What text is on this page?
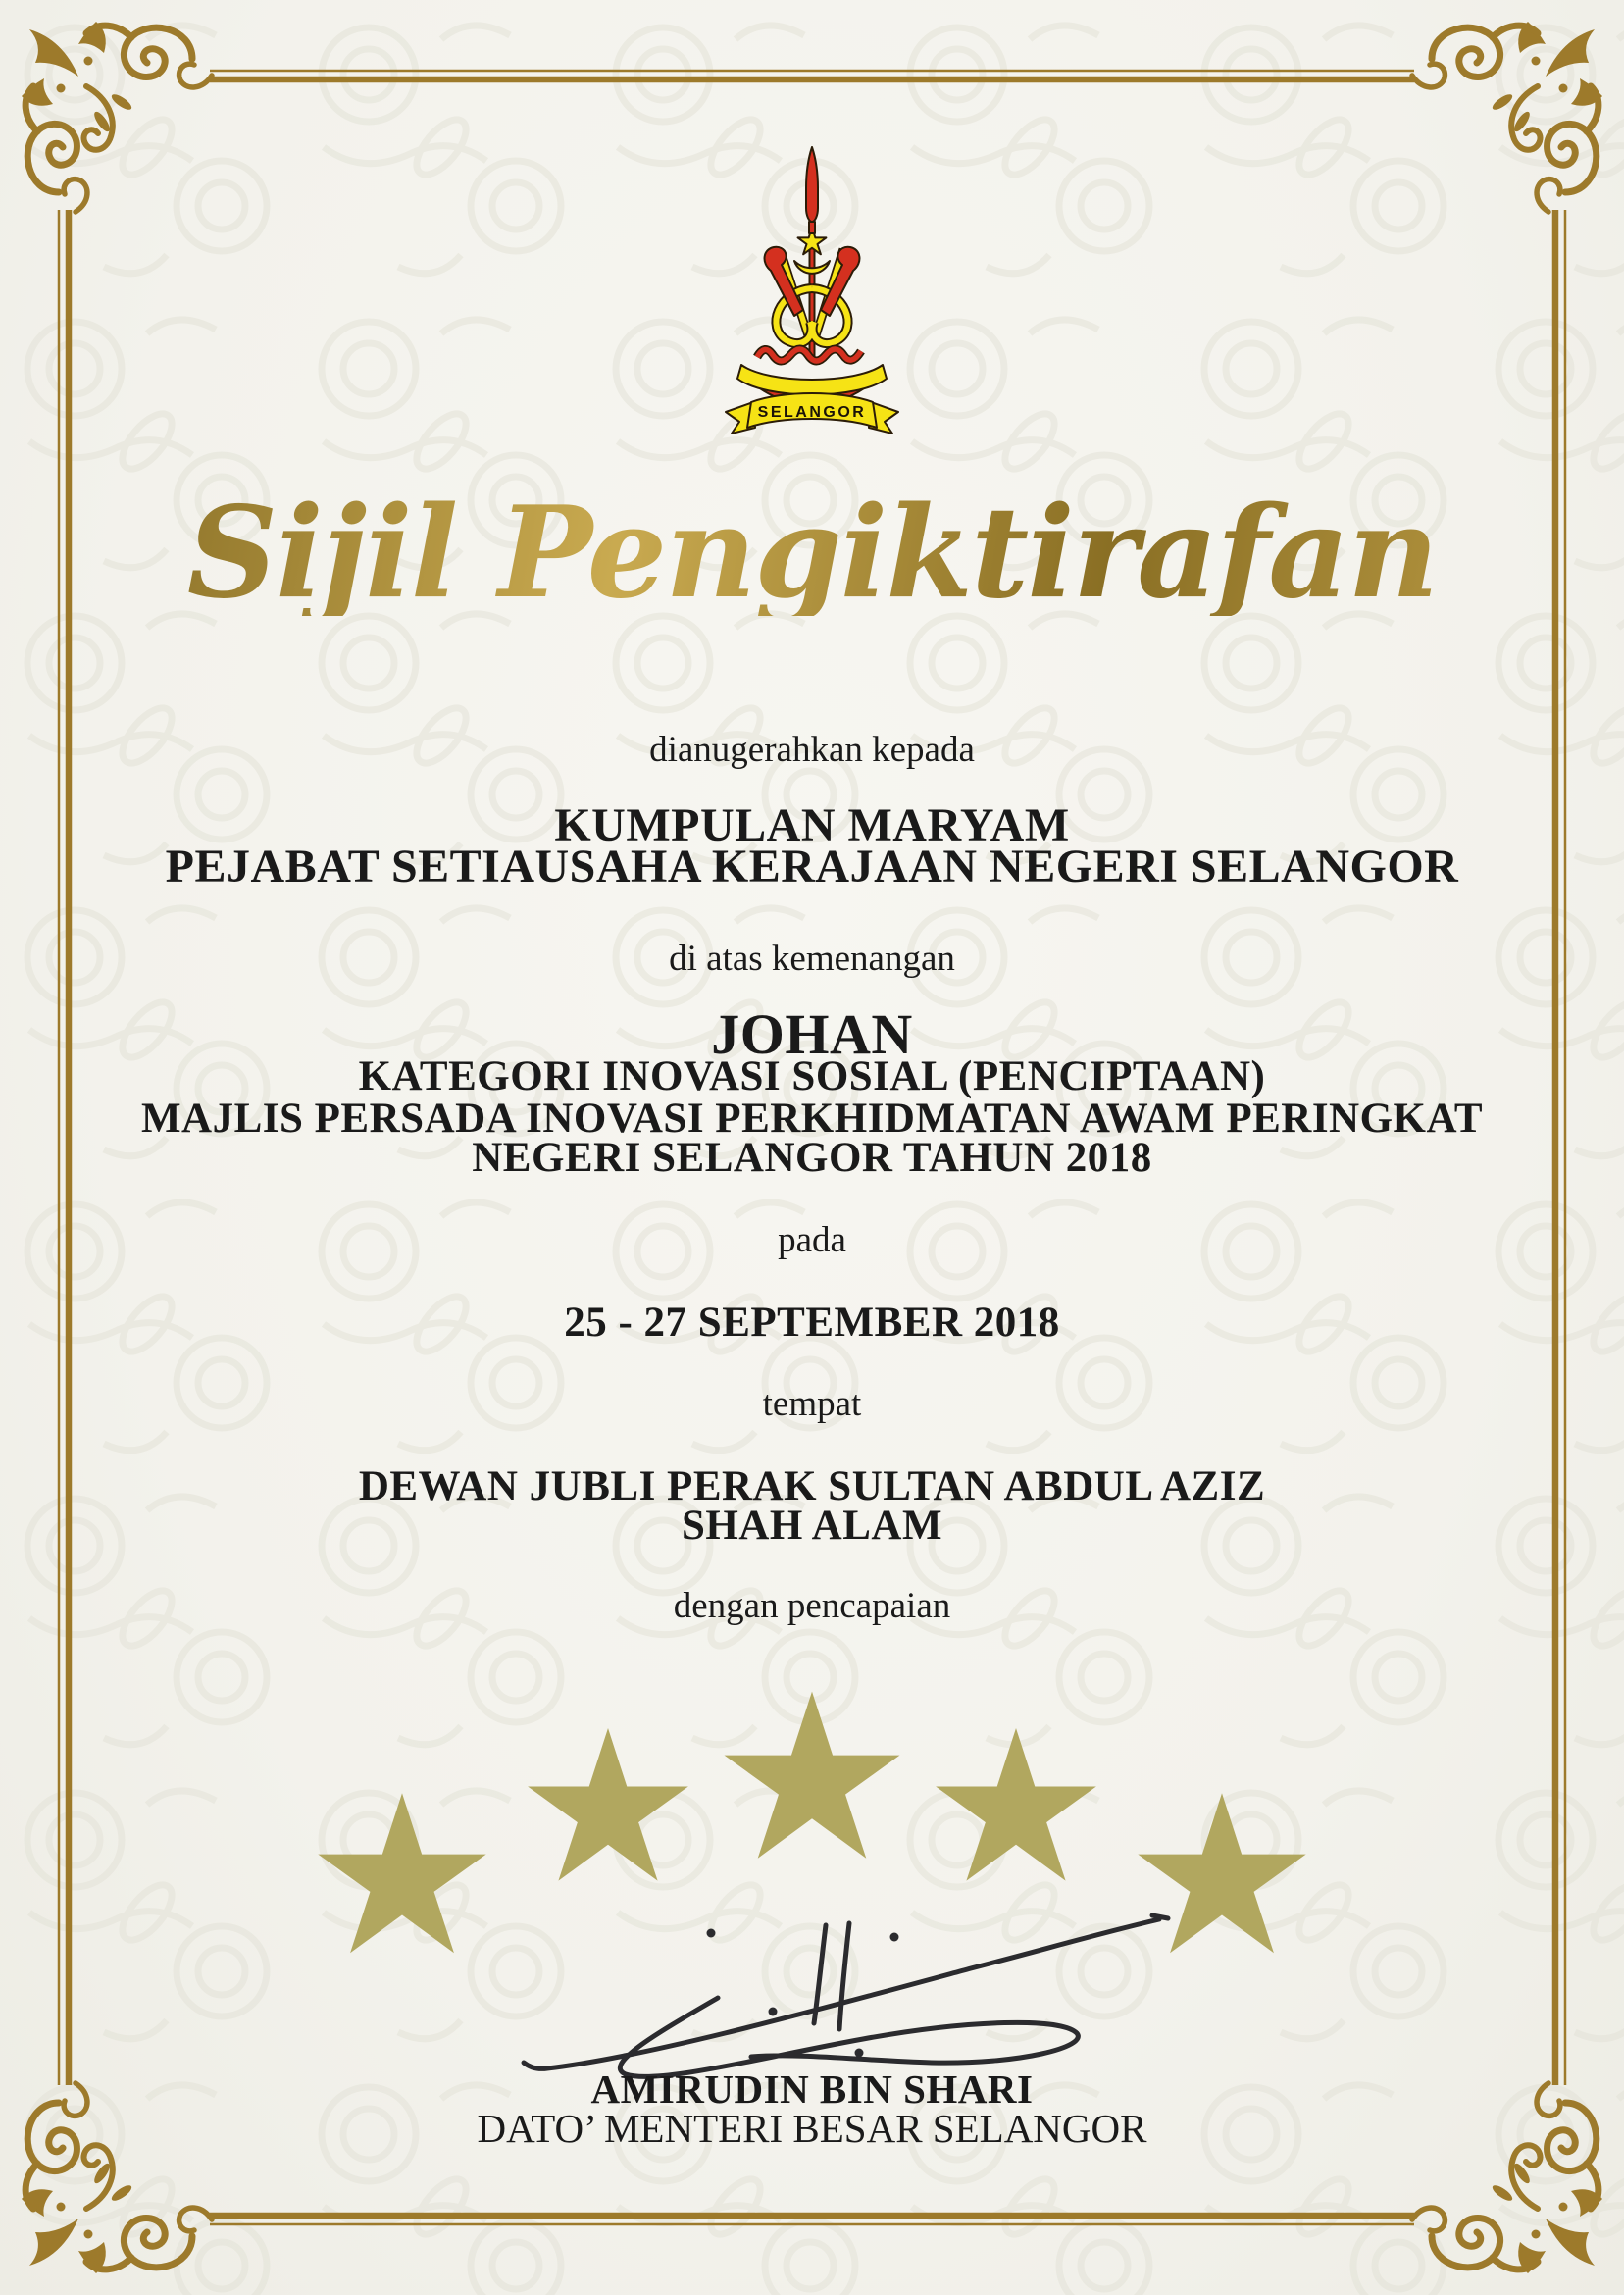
SELANGOR
Sijil Pengiktirafan
dianugerahkan kepada
KUMPULAN MARYAM
PEJABAT SETIAUSAHA KERAJAAN NEGERI SELANGOR
di atas kemenangan
JOHAN
KATEGORI INOVASI SOSIAL (PENCIPTAAN)
MAJLIS PERSADA INOVASI PERKHIDMATAN AWAM PERINGKAT
NEGERI SELANGOR TAHUN 2018
pada
25 - 27 SEPTEMBER 2018
tempat
DEWAN JUBLI PERAK SULTAN ABDUL AZIZ
SHAH ALAM
dengan pencapaian
AMIRUDIN BIN SHARI
DATO’ MENTERI BESAR SELANGOR
